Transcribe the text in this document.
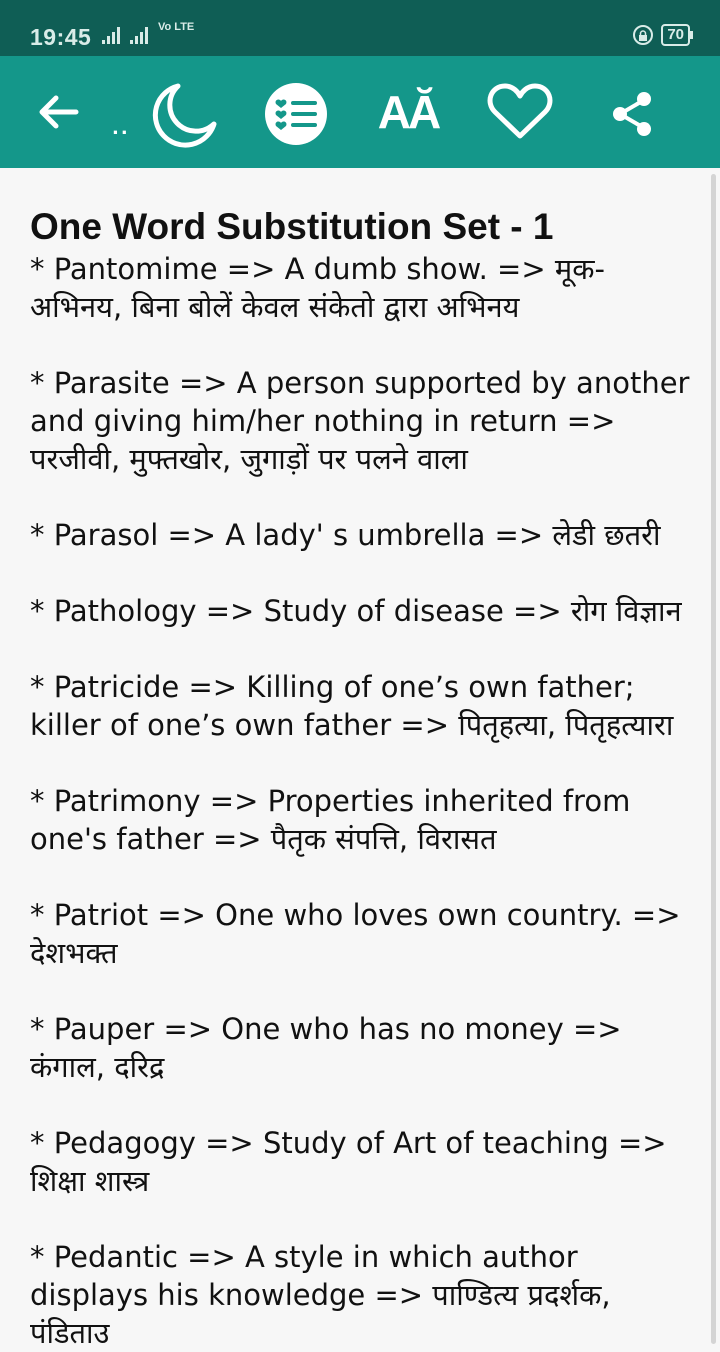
19:45	Vo LTE	70
..	AĂ
One Word Substitution Set - 1

* Pantomime => A dumb show. => मूक-अभिनय, बिना बोलें केवल संकेतो द्वारा अभिनय

* Parasite => A person supported by another and giving him/her nothing in return => परजीवी, मुफ्तखोर, जुगाड़ों पर पलने वाला

* Parasol => A lady' s umbrella => लेडी छतरी

* Pathology => Study of disease => रोग विज्ञान

* Patricide => Killing of one’s own father; killer of one’s own father => पितृहत्या, पितृहत्यारा

* Patrimony => Properties inherited from one's father => पैतृक संपत्ति, विरासत

* Patriot => One who loves own country. => देशभक्त

* Pauper => One who has no money => कंगाल, दरिद्र

* Pedagogy => Study of Art of teaching => शिक्षा शास्त्र

* Pedantic => A style in which author displays his knowledge => पाण्डित्य प्रदर्शक, पंडिताउ
